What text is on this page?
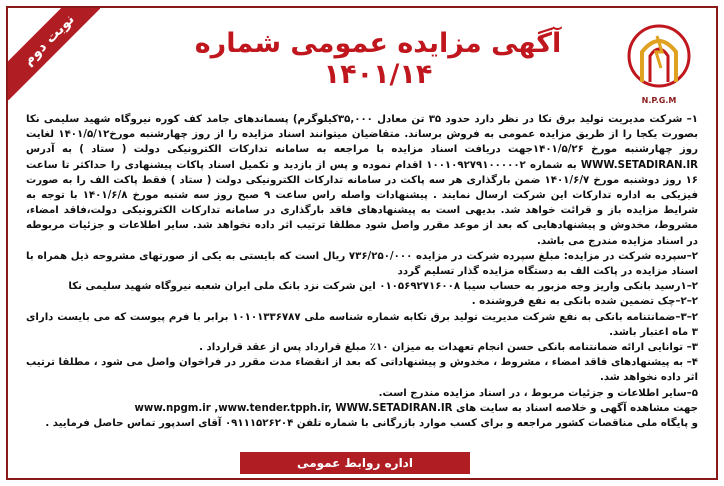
نوبت دوم	آگهی مزایده عمومی شماره ۱۴۰۱/۱۴
N.P.G.M

۱– شرکت مدیریت تولید برق نکا در نظر دارد حدود ۳۵ تن معادل ۳۵,۰۰۰کیلوگرم) پسماندهای جامد کف کوره نیروگاه شهید سلیمی نکا بصورت یکجا را از طریق مزایده عمومی به فروش برساند. متقاضیان میتوانند اسناد مزایده را از روز چهارشنبه مورخ۱۴۰۱/۵/۱۲ لغایت روز چهارشنبه مورخ ۱۴۰۱/۵/۲۶جهت دریافت اسناد مزایده با مراجعه به سامانه تدارکات الکترونیکی دولت ( ستاد ) به آدرس WWW.SETADIRAN.IR به شماره ۱۰۰۱۰۹۲۷۹۱۰۰۰۰۰۲ اقدام نموده و پس از بازدید و تکمیل اسناد پاکات پیشنهادی را حداکثر تا ساعت ۱۶ روز دوشنبه مورخ ۱۴۰۱/۶/۷ ضمن بارگذاری هر سه پاکت در سامانه تدارکات الکترونیکی دولت ( ستاد ) فقط پاکت الف را به صورت فیزیکی به اداره تدارکات این شرکت ارسال نمایند . پیشنهادات واصله راس ساعت ۹ صبح روز سه شنبه مورخ ۱۴۰۱/۶/۸ با توجه به شرایط مزایده باز و قرائت خواهد شد. بدیهی است به پیشنهادهای فاقد بارگذاری در سامانه تدارکات الکترونیکی دولت،فاقد امضاء، مشروط، مخدوش و پیشنهادهایی که بعد از موعد مقرر واصل شود مطلقا ترتیب اثر داده نخواهد شد. سایر اطلاعات و جزئیات مربوطه در اسناد مزایده مندرج می باشد.

۲–سپرده شرکت در مزایده: مبلغ سپرده شرکت در مزایده ۷۳۶/۲۵۰/۰۰۰ ریال است که بایستی به یکی از صورتهای مشروحه ذیل همراه با اسناد مزایده در پاکت الف به دستگاه مزایده گذار تسلیم گردد

۲–۱رسید بانکی واریز وجه مزبور به حساب سیبا ۰۱۰۵۶۹۲۷۱۶۰۰۸ این شرکت نزد بانک ملی ایران شعبه نیروگاه شهید سلیمی نکا

۲–۲–چک تضمین شده بانکی به نفع فروشنده .

۲–۳–ضمانتنامه بانکی به نفع شرکت مدیریت تولید برق تکابه شماره شناسه ملی ۱۰۱۰۱۳۳۶۷۸۷ برابر با فرم پیوست که می بایست دارای ۳ ماه اعتبار باشد.

۳– توانایی ارائه ضمانتنامه بانکی حسن انجام تعهدات به میزان ۱۰٪ مبلغ قرارداد پس از عقد قرارداد .

۴– به پیشنهادهای فاقد امضاء ، مشروط ، مخدوش و پیشنهاداتی که بعد از انقضاء مدت مقرر در فراخوان واصل می شود ، مطلقا ترتیب اثر داده نخواهد شد.

۵–سایر اطلاعات و جزئیات مربوط ، در اسناد مزایده مندرج است.

جهت مشاهده آگهی و خلاصه اسناد به سایت های www.npgm.ir ,www.tender.tpph.ir, WWW.SETADIRAN.IR

و پایگاه ملی مناقصات کشور مراجعه و برای کسب موارد بازرگانی با شماره تلفن ۰۹۱۱۱۵۲۶۲۰۴ آقای اسدپور تماس حاصل فرمایید .

اداره روابط عمومی
